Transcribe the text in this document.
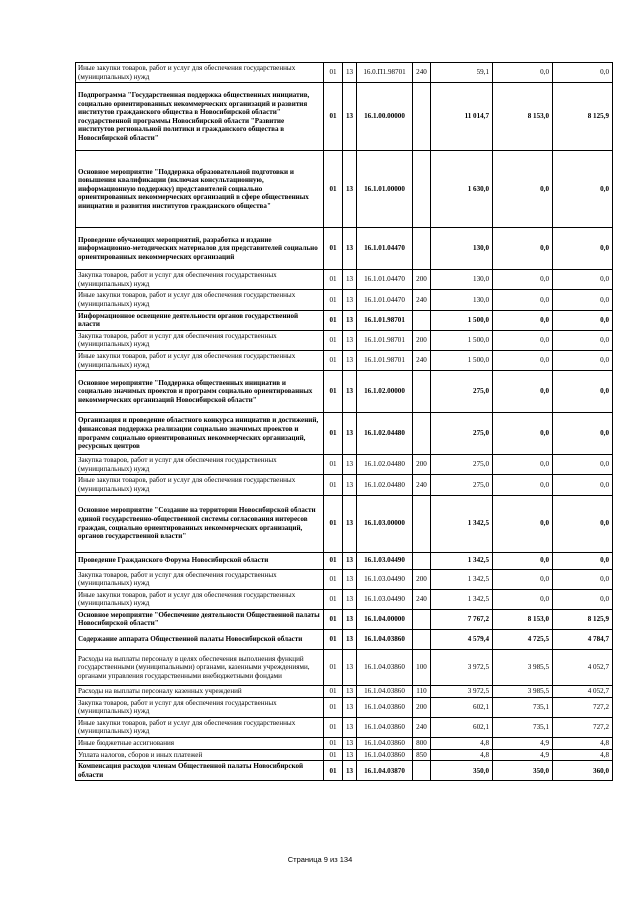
Иные закупки товаров, работ и услуг для обеспечения государственных (муниципальных) нужд	01	13	16.0.П1.98701	240	59,1	0,0	0,0
Подпрограмма "Государственная поддержка общественных инициатив, социально ориентированных некоммерческих организаций и развития институтов гражданского общества в Новосибирской области" государственной программы Новосибирской области "Развитие институтов региональной политики и гражданского общества в Новосибирской области"	01	13	16.1.00.00000		11 014,7	8 153,0	8 125,9
Основное мероприятие "Поддержка образовательной подготовки и повышения квалификации (включая консультационную, информационную поддержку) представителей социально ориентированных некоммерческих организаций в сфере общественных инициатив и развития институтов гражданского общества"	01	13	16.1.01.00000		1 630,0	0,0	0,0
Проведение обучающих мероприятий, разработка и издание информационно-методических материалов для представителей социально ориентированных некоммерческих организаций	01	13	16.1.01.04470		130,0	0,0	0,0
Закупка товаров, работ и услуг для обеспечения государственных (муниципальных) нужд	01	13	16.1.01.04470	200	130,0	0,0	0,0
Иные закупки товаров, работ и услуг для обеспечения государственных (муниципальных) нужд	01	13	16.1.01.04470	240	130,0	0,0	0,0
Информационное освещение деятельности органов государственной власти	01	13	16.1.01.98701		1 500,0	0,0	0,0
Закупка товаров, работ и услуг для обеспечения государственных (муниципальных) нужд	01	13	16.1.01.98701	200	1 500,0	0,0	0,0
Иные закупки товаров, работ и услуг для обеспечения государственных (муниципальных) нужд	01	13	16.1.01.98701	240	1 500,0	0,0	0,0
Основное мероприятие "Поддержка общественных инициатив и социально значимых проектов и программ социально ориентированных некоммерческих организаций Новосибирской области"	01	13	16.1.02.00000		275,0	0,0	0,0
Организация и проведение областного конкурса инициатив и достижений, финансовая поддержка реализации социально значимых проектов и программ социально ориентированных некоммерческих организаций, ресурсных центров	01	13	16.1.02.04480		275,0	0,0	0,0
Закупка товаров, работ и услуг для обеспечения государственных (муниципальных) нужд	01	13	16.1.02.04480	200	275,0	0,0	0,0
Иные закупки товаров, работ и услуг для обеспечения государственных (муниципальных) нужд	01	13	16.1.02.04480	240	275,0	0,0	0,0
Основное мероприятие "Создание на территории Новосибирской области единой государственно-общественной системы согласования интересов граждан, социально ориентированных некоммерческих организаций, органов государственной власти"	01	13	16.1.03.00000		1 342,5	0,0	0,0
Проведение Гражданского Форума Новосибирской области	01	13	16.1.03.04490		1 342,5	0,0	0,0
Закупка товаров, работ и услуг для обеспечения государственных (муниципальных) нужд	01	13	16.1.03.04490	200	1 342,5	0,0	0,0
Иные закупки товаров, работ и услуг для обеспечения государственных (муниципальных) нужд	01	13	16.1.03.04490	240	1 342,5	0,0	0,0
Основное мероприятие "Обеспечение деятельности Общественной палаты Новосибирской области"	01	13	16.1.04.00000		7 767,2	8 153,0	8 125,9
Содержание аппарата Общественной палаты Новосибирской области	01	13	16.1.04.03860		4 579,4	4 725,5	4 784,7
Расходы на выплаты персоналу в целях обеспечения выполнения функций государственными (муниципальными) органами, казенными учреждениями, органами управления государственными внебюджетными фондами	01	13	16.1.04.03860	100	3 972,5	3 985,5	4 052,7
Расходы на выплаты персоналу казенных учреждений	01	13	16.1.04.03860	110	3 972,5	3 985,5	4 052,7
Закупка товаров, работ и услуг для обеспечения государственных (муниципальных) нужд	01	13	16.1.04.03860	200	602,1	735,1	727,2
Иные закупки товаров, работ и услуг для обеспечения государственных (муниципальных) нужд	01	13	16.1.04.03860	240	602,1	735,1	727,2
Иные бюджетные ассигнования	01	13	16.1.04.03860	800	4,8	4,9	4,8
Уплата налогов, сборов и иных платежей	01	13	16.1.04.03860	850	4,8	4,9	4,8
Компенсация расходов членам Общественной палаты Новосибирской области	01	13	16.1.04.03870		350,0	350,0	360,0
Страница 9 из 134
